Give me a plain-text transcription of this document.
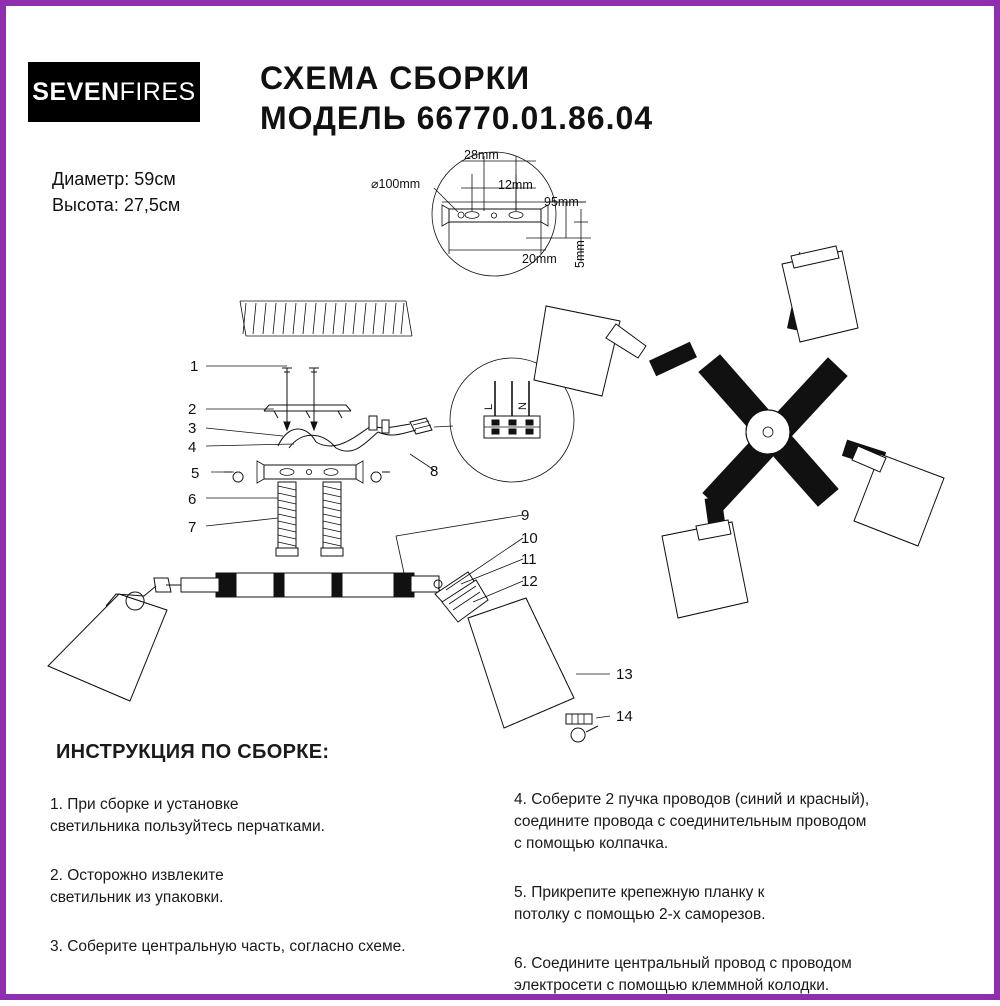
SEVENFIRES СХЕМА СБОРКИ
МОДЕЛЬ 66770.01.86.04
Диаметр: 59см
Высота: 27,5см
⌀100mm
28mm
12mm
95mm
20mm 5mm
L N
1
2
3
4
5
6
7
8
9
10
11
12
13
14
ИНСТРУКЦИЯ ПО СБОРКЕ:
1. При сборке и установке
светильника пользуйтесь перчатками.
2. Осторожно извлеките
светильник из упаковки.
3. Соберите центральную часть, согласно схеме.
4. Соберите 2 пучка проводов (синий и красный),
соедините провода с соединительным проводом
с помощью колпачка.
5. Прикрепите крепежную планку к
потолку с помощью 2-х саморезов.
6. Соедините центральный провод с проводом
электросети с помощью клеммной колодки.
